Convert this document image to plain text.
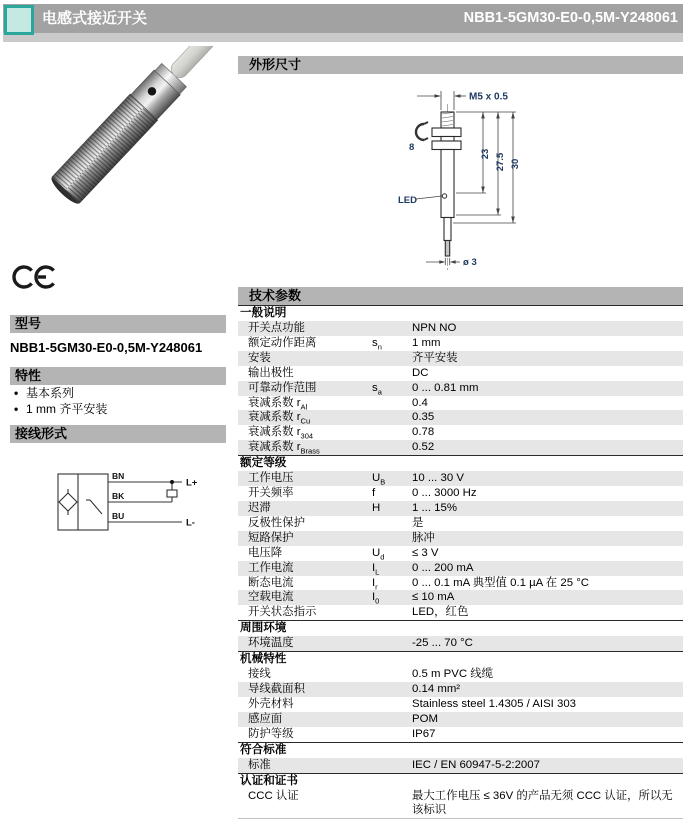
电感式接近开关	NBB1-5GM30-E0-0,5M-Y248061
型号
NBB1-5GM30-E0-0,5M-Y248061
特性
• 基本系列
• 1 mm 齐平安装
接线形式
BN
BK
BU
L+
L-
外形尺寸
8
M5 x 0.5
23 27.5 30
LED
ø 3
技术参数
一般说明
开关点功能	NPN NO
额定动作距离	$s_n$	1 mm
安装	齐平安装
输出极性	DC
可靠动作范围	$s_a$	0 ... 0.81 mm
衰减系数 $r_{Al}$	0.4
衰减系数 $r_{Cu}$	0.35
衰减系数 $r_{304}$	0.78
衰减系数 $r_{Brass}$	0.52
额定等级
工作电压	$U_B$	10 ... 30 V
开关频率	f	0 ... 3000 Hz
迟滞	H	1 ... 15%
反极性保护	是
短路保护	脉冲
电压降	$U_d$	≤ 3 V
工作电流	$I_L$	0 ... 200 mA
断态电流	$I_r$	0 ... 0.1 mA 典型值 0.1 µA 在 25 °C
空载电流	$I_0$	≤ 10 mA
开关状态指示	LED，红色
周围环境
环境温度	-25 ... 70 °C
机械特性
接线	0.5 m PVC 线缆
导线截面积	0.14 mm²
外壳材料	Stainless steel 1.4305 / AISI 303
感应面	POM
防护等级	IP67
符合标准
标准	IEC / EN 60947-5-2:2007
认证和证书
CCC 认证	最大工作电压 ≤ 36V 的产品无须 CCC 认证，所以无该标识
